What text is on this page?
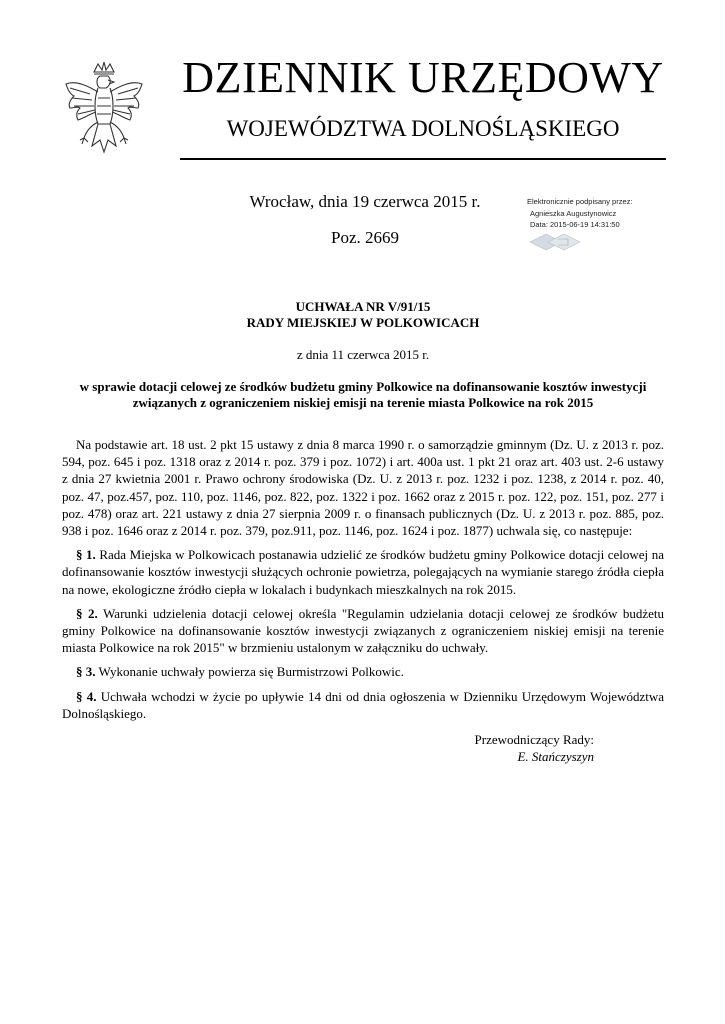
DZIENNIK URZĘDOWY
WOJEWÓDZTWA DOLNOŚLĄSKIEGO
Wrocław, dnia 19 czerwca 2015 r.
Poz. 2669
Elektronicznie podpisany przez:
Agnieszka Augustynowicz
Data: 2015-06-19 14:31:50
UCHWAŁA NR V/91/15
RADY MIEJSKIEJ W POLKOWICACH
z dnia 11 czerwca 2015 r.
w sprawie dotacji celowej ze środków budżetu gminy Polkowice na dofinansowanie kosztów inwestycji związanych z ograniczeniem niskiej emisji na terenie miasta Polkowice na rok 2015

Na podstawie art. 18 ust. 2 pkt 15 ustawy z dnia 8 marca 1990 r. o samorządzie gminnym (Dz. U. z 2013 r. poz. 594, poz. 645 i poz. 1318 oraz z 2014 r. poz. 379 i poz. 1072) i art. 400a ust. 1 pkt 21 oraz art. 403 ust. 2-6 ustawy z dnia 27 kwietnia 2001 r. Prawo ochrony środowiska (Dz. U. z 2013 r. poz. 1232 i poz. 1238, z 2014 r. poz. 40, poz. 47, poz.457, poz. 110, poz. 1146, poz. 822, poz. 1322 i poz. 1662 oraz z 2015 r. poz. 122, poz. 151, poz. 277 i poz. 478) oraz art. 221 ustawy z dnia 27 sierpnia 2009 r. o finansach publicznych (Dz. U. z 2013 r. poz. 885, poz. 938 i poz. 1646 oraz z 2014 r. poz. 379, poz.911, poz. 1146, poz. 1624 i poz. 1877) uchwala się, co następuje:

§ 1. Rada Miejska w Polkowicach postanawia udzielić ze środków budżetu gminy Polkowice dotacji celowej na dofinansowanie kosztów inwestycji służących ochronie powietrza, polegających na wymianie starego źródła ciepła na nowe, ekologiczne źródło ciepła w lokalach i budynkach mieszkalnych na rok 2015.

§ 2. Warunki udzielenia dotacji celowej określa "Regulamin udzielania dotacji celowej ze środków budżetu gminy Polkowice na dofinansowanie kosztów inwestycji związanych z ograniczeniem niskiej emisji na terenie miasta Polkowice na rok 2015" w brzmieniu ustalonym w załączniku do uchwały.

§ 3. Wykonanie uchwały powierza się Burmistrzowi Polkowic.

§ 4. Uchwała wchodzi w życie po upływie 14 dni od dnia ogłoszenia w Dzienniku Urzędowym Województwa Dolnośląskiego.

Przewodniczący Rady:
E. Stańczyszyn
